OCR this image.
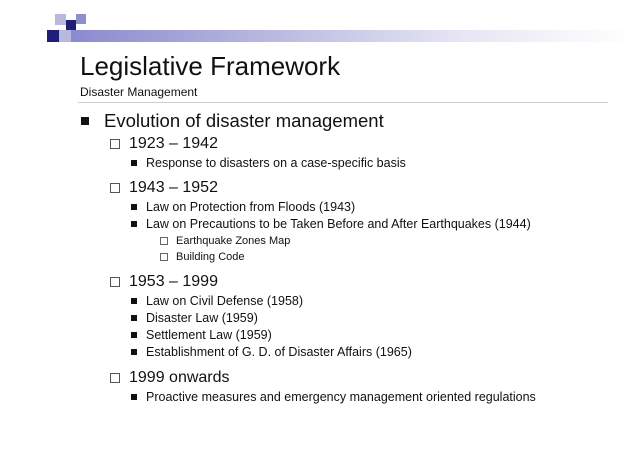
Legislative Framework
Disaster Management
Evolution of disaster management
1923 – 1942
Response to disasters on a case-specific basis
1943 – 1952
Law on Protection from Floods (1943)
Law on Precautions to be Taken Before and After Earthquakes (1944)
Earthquake Zones Map
Building Code
1953 – 1999
Law on Civil Defense (1958)
Disaster Law (1959)
Settlement Law (1959)
Establishment of G. D. of Disaster Affairs (1965)
1999 onwards
Proactive measures and emergency management oriented regulations
